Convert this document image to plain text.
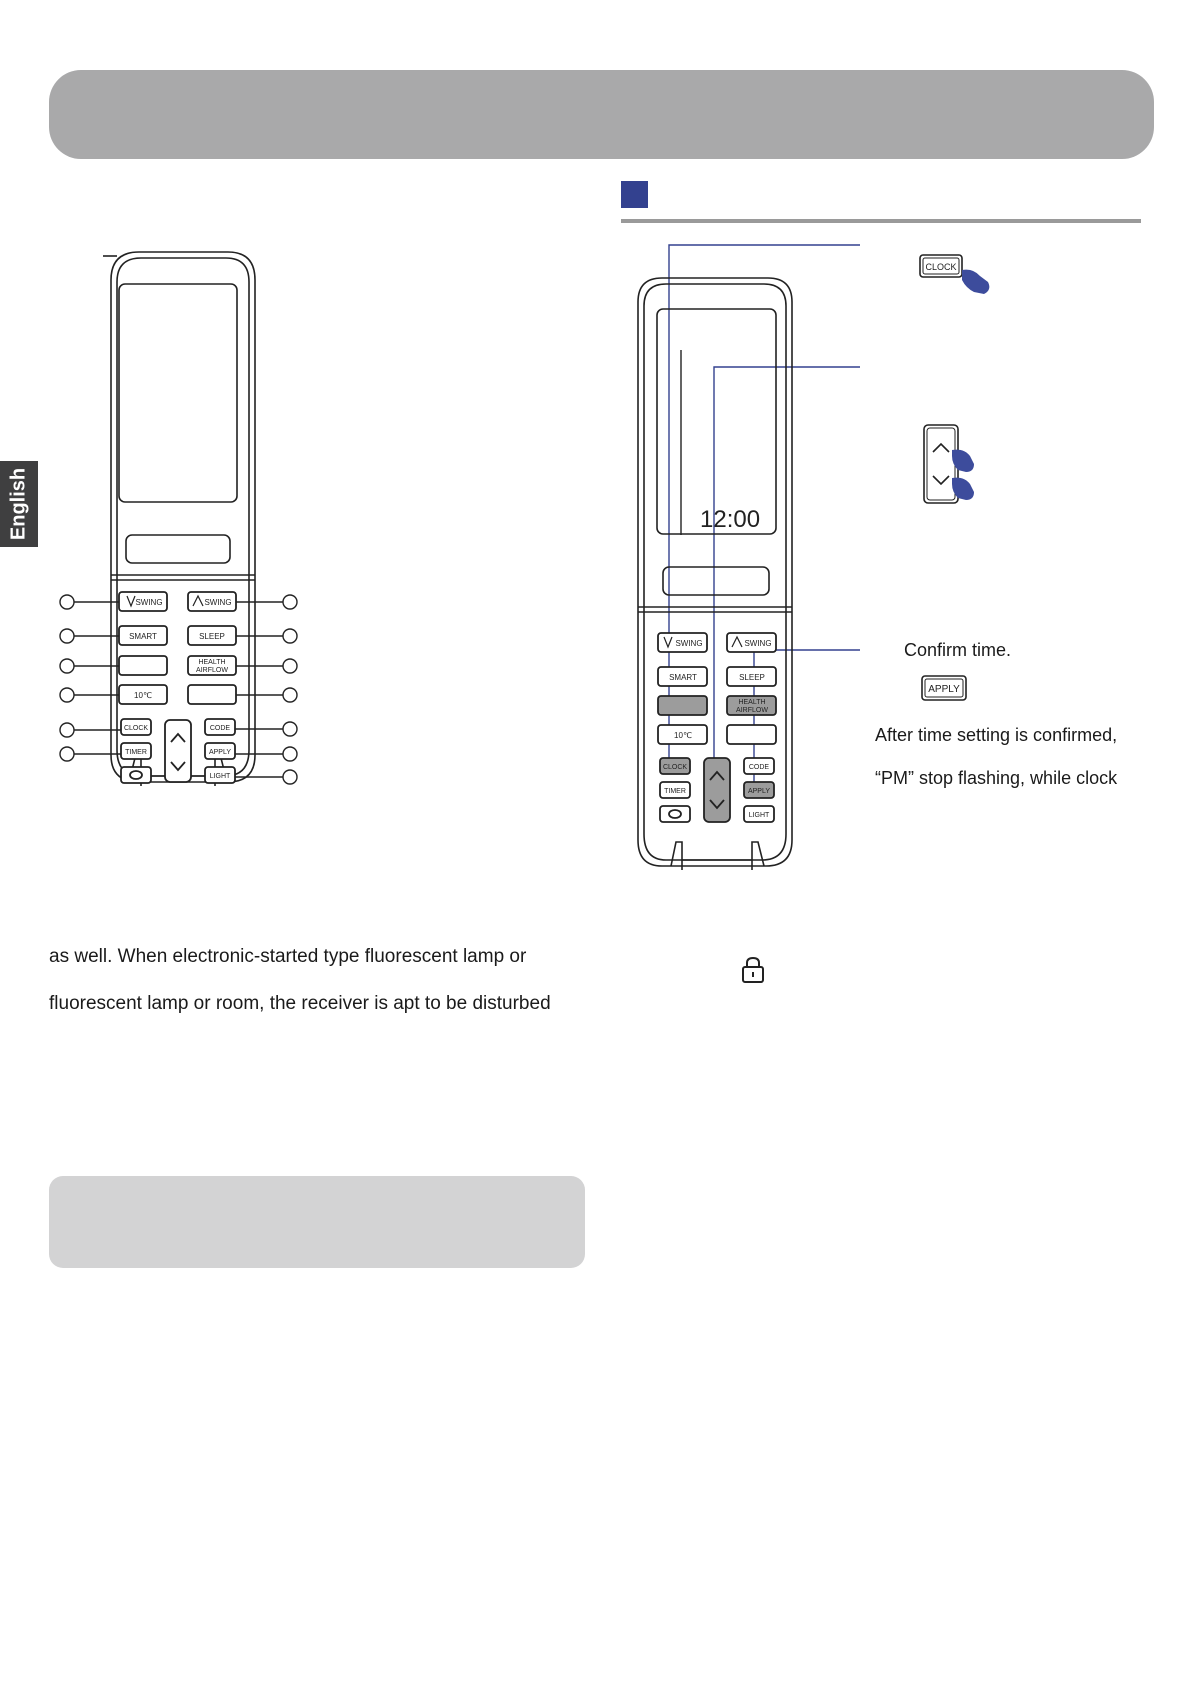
English
SWING	SWING
SMART	SLEEP
HEALTH
AIRFLOW
10℃
CLOCK	CODE
TIMER	APPLY
LIGHT
12:00
SWING	SWING
SMART	SLEEP
HEALTH
AIRFLOW
10℃
CLOCK	CODE
TIMER	APPLY
LIGHT
CLOCK
APPLY
Confirm time.
After time setting is confirmed,
“PM” stop flashing, while clock
as well. When electronic-started type fluorescent lamp or
fluorescent lamp or room, the receiver is apt to be disturbed
